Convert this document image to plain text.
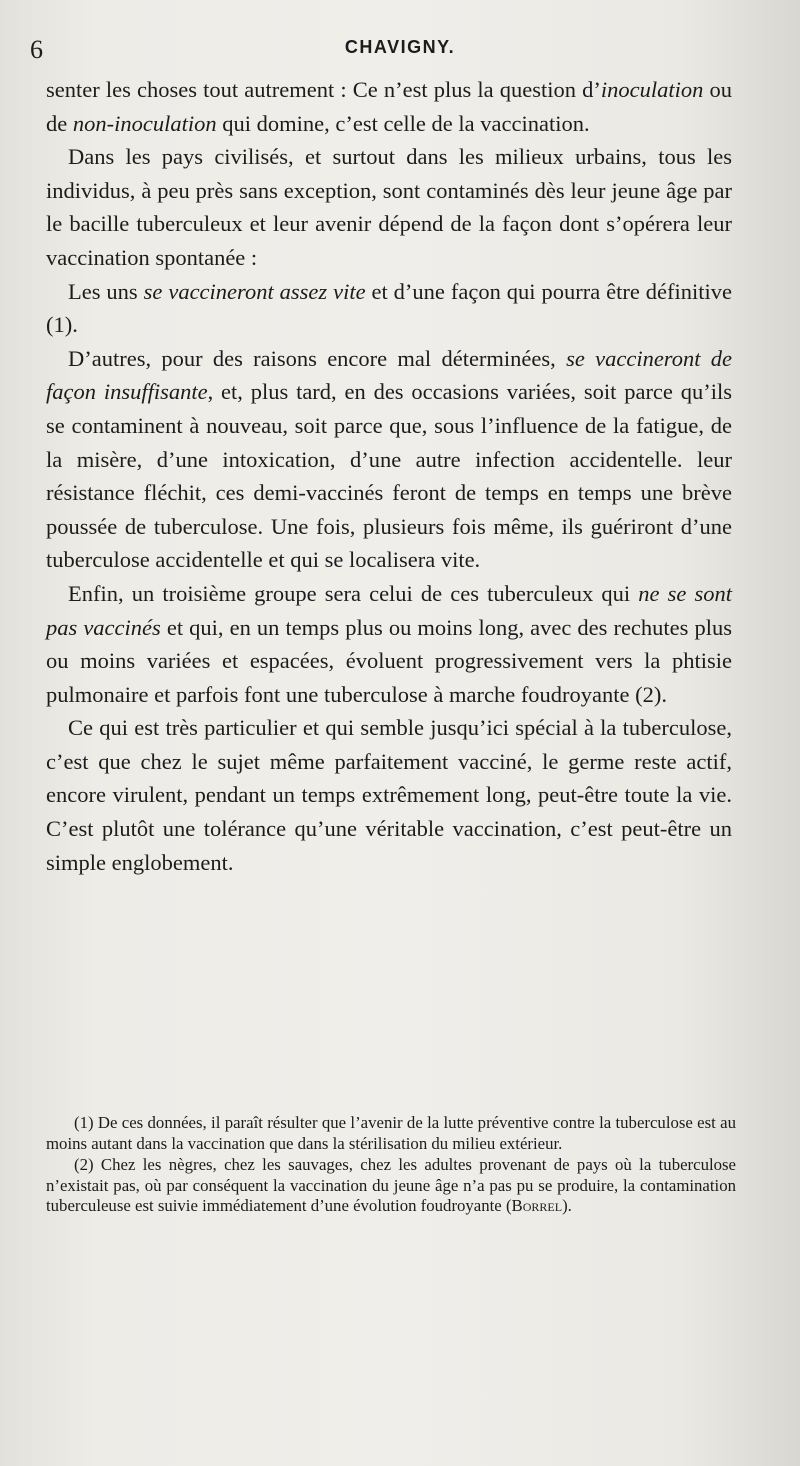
6	CHAVIGNY.

senter les choses tout autrement : Ce n’est plus la question d’inoculation ou de non-inoculation qui domine, c’est celle de la vaccination.

Dans les pays civilisés, et surtout dans les milieux urbains, tous les individus, à peu près sans exception, sont contaminés dès leur jeune âge par le bacille tuberculeux et leur avenir dépend de la façon dont s’opérera leur vaccination spontanée :

Les uns se vaccineront assez vite et d’une façon qui pourra être définitive (1).

D’autres, pour des raisons encore mal déterminées, se vaccineront de façon insuffisante, et, plus tard, en des occasions variées, soit parce qu’ils se contaminent à nouveau, soit parce que, sous l’influence de la fatigue, de la misère, d’une intoxication, d’une autre infection accidentelle. leur résistance fléchit, ces demi-vaccinés feront de temps en temps une brève poussée de tuberculose. Une fois, plusieurs fois même, ils guériront d’une tuberculose accidentelle et qui se localisera vite.

Enfin, un troisième groupe sera celui de ces tuberculeux qui ne se sont pas vaccinés et qui, en un temps plus ou moins long, avec des rechutes plus ou moins variées et espacées, évoluent progressivement vers la phtisie pulmonaire et parfois font une tuberculose à marche foudroyante (2).

Ce qui est très particulier et qui semble jusqu’ici spécial à la tuberculose, c’est que chez le sujet même parfaitement vacciné, le germe reste actif, encore virulent, pendant un temps extrêmement long, peut-être toute la vie. C’est plutôt une tolérance qu’une véritable vaccination, c’est peut-être un simple englobement.

(1) De ces données, il paraît résulter que l’avenir de la lutte préventive contre la tuberculose est au moins autant dans la vaccination que dans la stérilisation du milieu extérieur.

(2) Chez les nègres, chez les sauvages, chez les adultes provenant de pays où la tuberculose n’existait pas, où par conséquent la vaccination du jeune âge n’a pas pu se produire, la contamination tuberculeuse est suivie immédiatement d’une évolution foudroyante (Borrel).
